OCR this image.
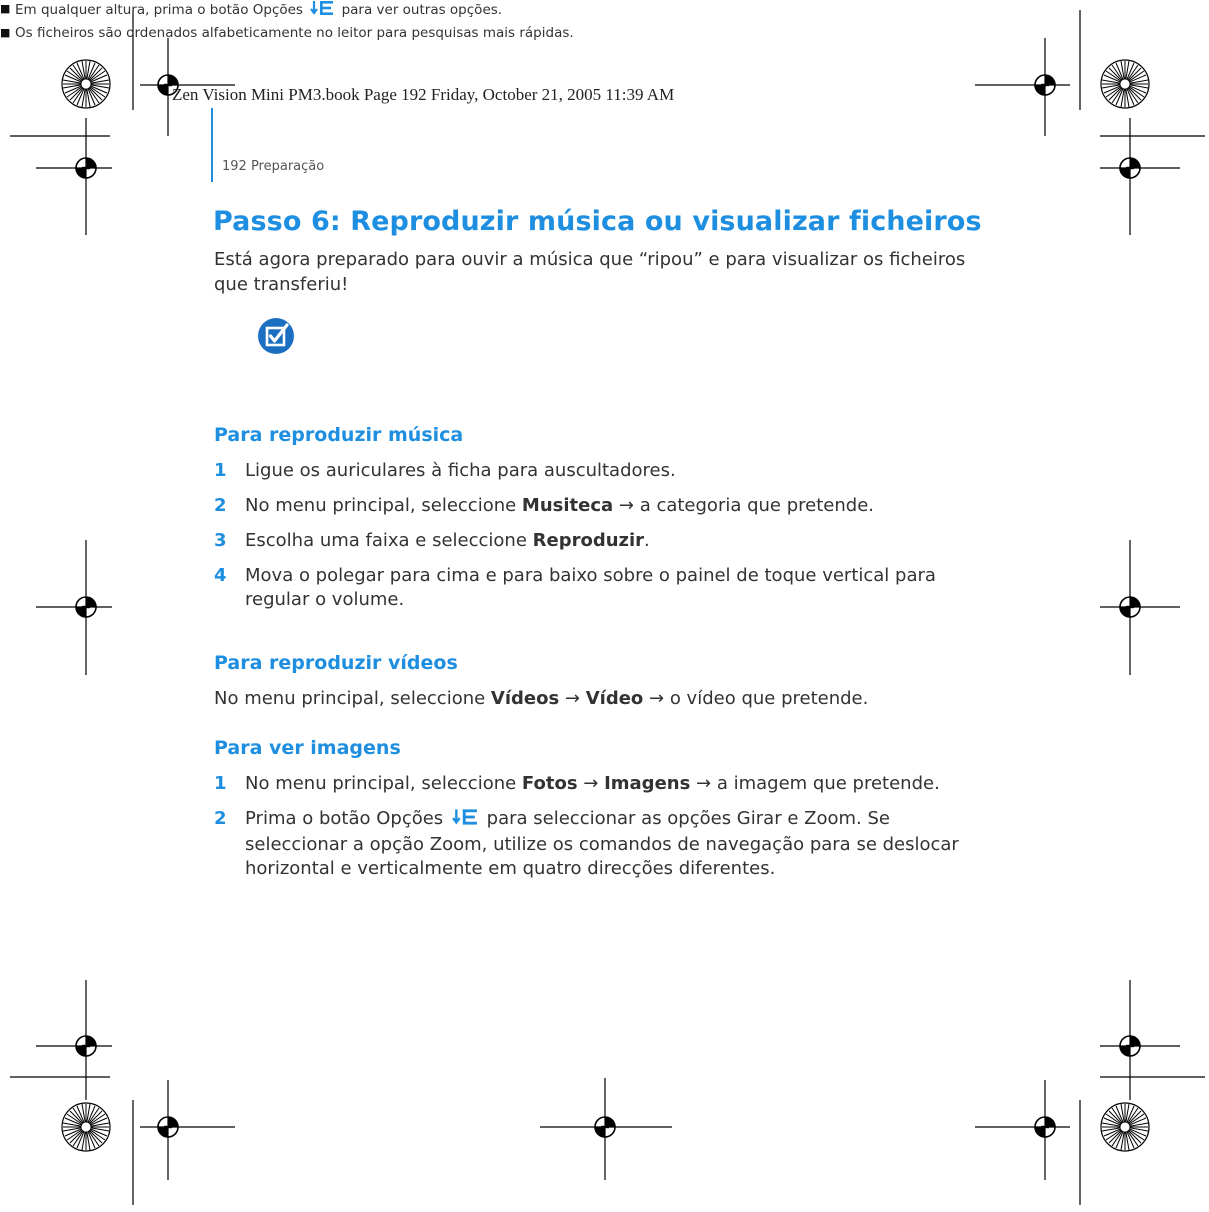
Zen Vision Mini PM3.book Page 192 Friday, October 21, 2005 11:39 AM
192 Preparação
Passo 6: Reproduzir música ou visualizar ficheiros
Está agora preparado para ouvir a música que “ripou” e para visualizar os ficheiros que transferiu!
■ Em qualquer altura, prima o botão Opções	para ver outras opções.
■ Os ficheiros são ordenados alfabeticamente no leitor para pesquisas mais rápidas.
Para reproduzir música
1 Ligue os auriculares à ficha para auscultadores.
2 No menu principal, seleccione Musiteca → a categoria que pretende.
3 Escolha uma faixa e seleccione Reproduzir.
4 Mova o polegar para cima e para baixo sobre o painel de toque vertical para regular o volume.
Para reproduzir vídeos
No menu principal, seleccione Vídeos → Vídeo → o vídeo que pretende.
Para ver imagens
1 No menu principal, seleccione Fotos → Imagens → a imagem que pretende.
2 Prima o botão Opções para seleccionar as opções Girar e Zoom. Se seleccionar a opção Zoom, utilize os comandos de navegação para se deslocar horizontal e verticalmente em quatro direcções diferentes.
